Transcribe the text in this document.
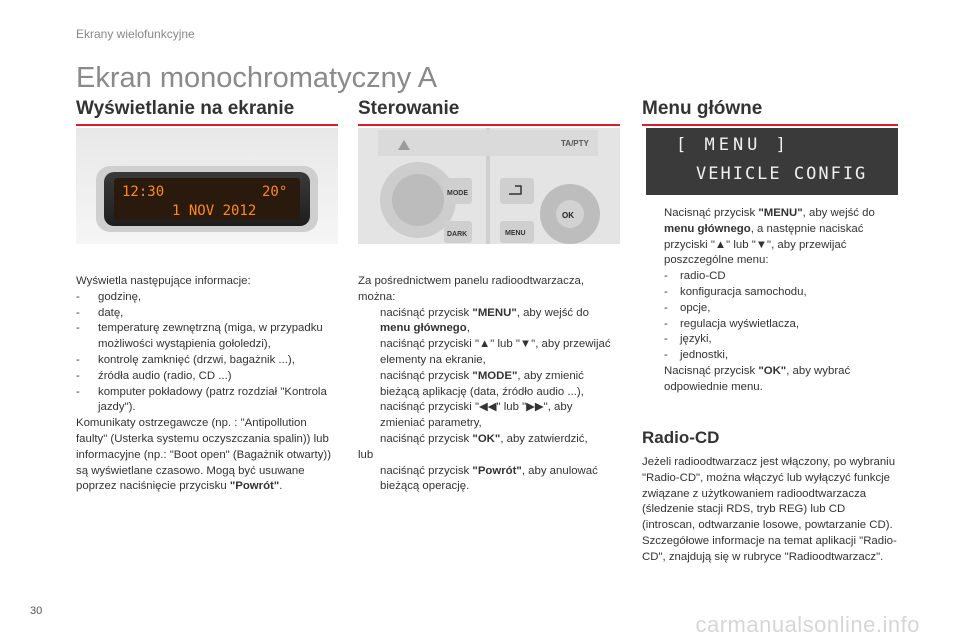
Ekrany wielofunkcyjne
Ekran monochromatyczny A
Wyświetlanie na ekranie
12:30	20°
1 NOV 2012

Wyświetla następujące informacje:

- godzinę,

- datę,

- temperaturę zewnętrzną (miga, w przypadku możliwości wystąpienia gołoledzi),

- kontrolę zamknięć (drzwi, bagażnik ...),

- źródła audio (radio, CD ...)

- komputer pokładowy (patrz rozdział "Kontrola jazdy").

Komunikaty ostrzegawcze (np. : "Antipollution faulty" (Usterka systemu oczyszczania spalin)) lub informacyjne (np.: "Boot open" (Bagażnik otwarty)) są wyświetlane czasowo. Mogą być usuwane poprzez naciśnięcie przycisku "Powrót".

Sterowanie
TA/PTY
MODE
DARK
OK
MENU

Za pośrednictwem panelu radioodtwarzacza, można:

naciśnąć przycisk "MENU", aby wejść do menu głównego,

naciśnąć przyciski "▲" lub "▼", aby przewijać elementy na ekranie,

naciśnąć przycisk "MODE", aby zmienić bieżącą aplikację (data, źródło audio ...),

naciśnąć przyciski "◀◀" lub "▶▶", aby zmieniać parametry,

naciśnąć przycisk "OK", aby zatwierdzić,

lub

naciśnąć przycisk "Powrót", aby anulować bieżącą operację.

Menu główne
[ MENU ]
VEHICLE CONFIG

Nacisnąć przycisk "MENU", aby wejść do menu głównego, a następnie naciskać przyciski "▲" lub "▼", aby przewijać poszczególne menu:

- radio-CD

- konfiguracja samochodu,

- opcje,

- regulacja wyświetlacza,

- języki,

- jednostki,

Nacisnąć przycisk "OK", aby wybrać odpowiednie menu.

Radio-CD

Jeżeli radioodtwarzacz jest włączony, po wybraniu "Radio-CD", można włączyć lub wyłączyć funkcje związane z użytkowaniem radioodtwarzacza (śledzenie stacji RDS, tryb REG) lub CD (introscan, odtwarzanie losowe, powtarzanie CD).

Szczegółowe informacje na temat aplikacji "Radio-CD", znajdują się w rubryce "Radioodtwarzacz".

30
carmanualsonline.info
